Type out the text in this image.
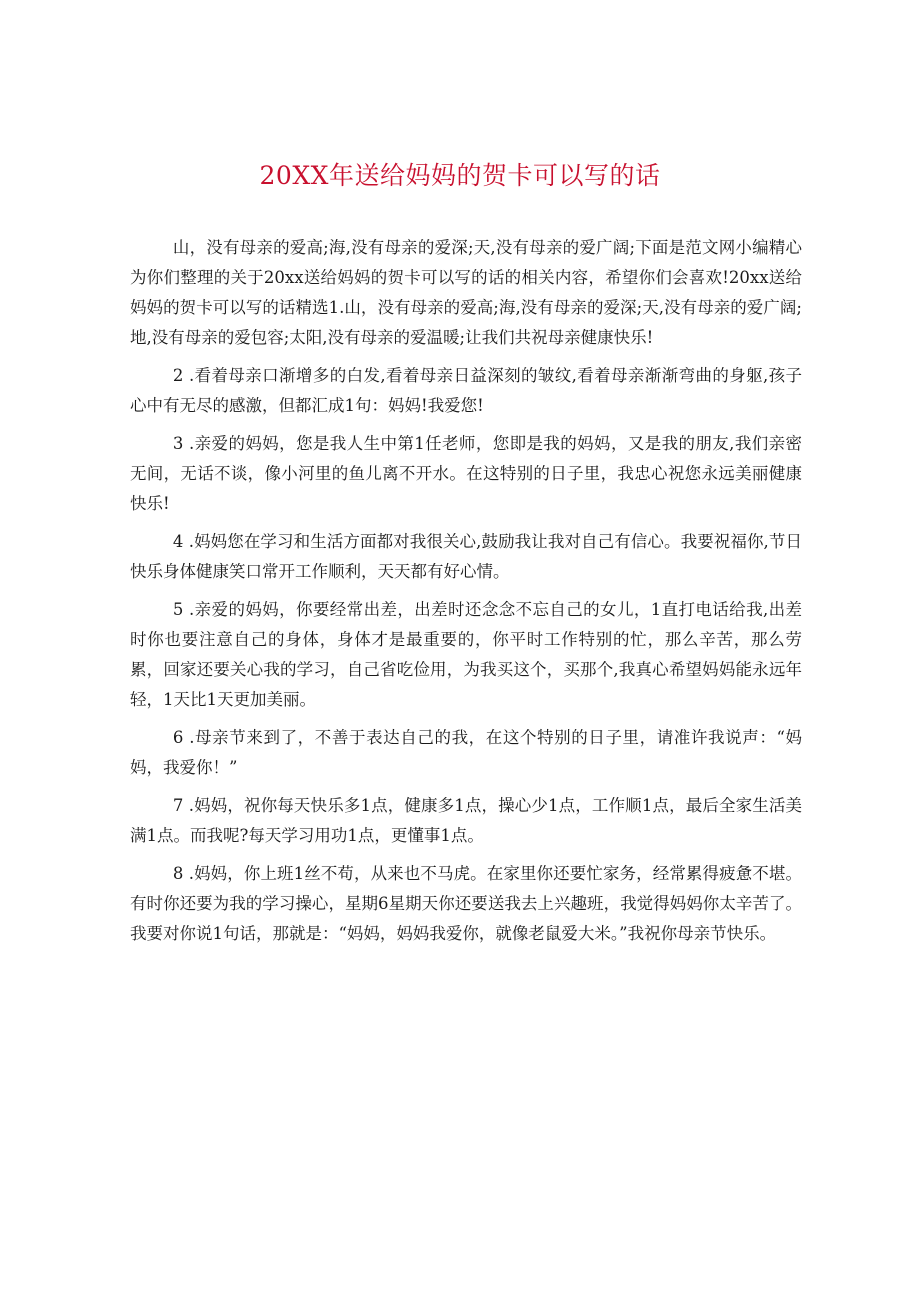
20XX年送给妈妈的贺卡可以写的话

山，没有母亲的爱高;海,没有母亲的爱深;天,没有母亲的爱广阔;下面是范文网小编精心为你们整理的关于20xx送给妈妈的贺卡可以写的话的相关内容，希望你们会喜欢!20xx送给妈妈的贺卡可以写的话精选1.山，没有母亲的爱高;海,没有母亲的爱深;天,没有母亲的爱广阔;地,没有母亲的爱包容;太阳,没有母亲的爱温暖;让我们共祝母亲健康快乐!

2 .看着母亲口渐增多的白发,看着母亲日益深刻的皱纹,看着母亲渐渐弯曲的身躯,孩子心中有无尽的感激，但都汇成1句：妈妈!我爱您!

3 .亲爱的妈妈，您是我人生中第1任老师，您即是我的妈妈，又是我的朋友,我们亲密无间，无话不谈，像小河里的鱼儿离不开水。在这特别的日子里，我忠心祝您永远美丽健康快乐!

4 .妈妈您在学习和生活方面都对我很关心,鼓励我让我对自己有信心。我要祝福你,节日快乐身体健康笑口常开工作顺利，天天都有好心情。

5 .亲爱的妈妈，你要经常出差，出差时还念念不忘自己的女儿，1直打电话给我,出差时你也要注意自己的身体，身体才是最重要的，你平时工作特别的忙，那么辛苦，那么劳累，回家还要关心我的学习，自己省吃俭用，为我买这个，买那个,我真心希望妈妈能永远年轻，1天比1天更加美丽。

6 .母亲节来到了，不善于表达自己的我，在这个特别的日子里，请准许我说声：“妈妈，我爱你！”

7 .妈妈，祝你每天快乐多1点，健康多1点，操心少1点，工作顺1点，最后全家生活美满1点。而我呢?每天学习用功1点，更懂事1点。

8 .妈妈，你上班1丝不苟，从来也不马虎。在家里你还要忙家务，经常累得疲惫不堪。有时你还要为我的学习操心，星期6星期天你还要送我去上兴趣班，我觉得妈妈你太辛苦了。我要对你说1句话，那就是：“妈妈，妈妈我爱你，就像老鼠爱大米。”我祝你母亲节快乐。
